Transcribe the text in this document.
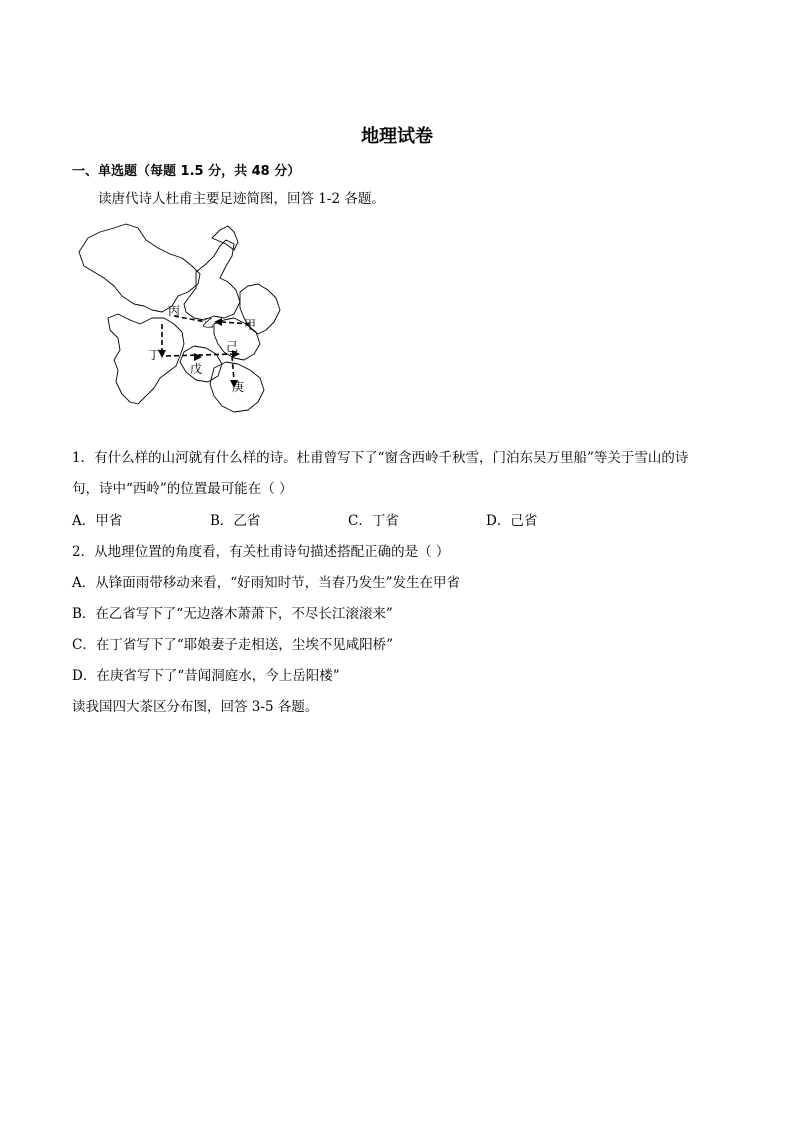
地理试卷
一、单选题（每题 1.5 分，共 48 分）
读唐代诗人杜甫主要足迹简图，回答 1-2 各题。
甲
乙
丙
丁
戊
己
庚
1．有什么样的山河就有什么样的诗。杜甫曾写下了“窗含西岭千秋雪，门泊东吴万里船”等关于雪山的诗
句，诗中“西岭”的位置最可能在（ ）
A．甲省	B．乙省	C．丁省	D．己省
2．从地理位置的角度看，有关杜甫诗句描述搭配正确的是（ ）
A．从锋面雨带移动来看，“好雨知时节，当春乃发生”发生在甲省
B．在乙省写下了“无边落木萧萧下，不尽长江滚滚来”
C．在丁省写下了“耶娘妻子走相送，尘埃不见咸阳桥”
D．在庚省写下了“昔闻洞庭水，今上岳阳楼”
读我国四大茶区分布图，回答 3-5 各题。
